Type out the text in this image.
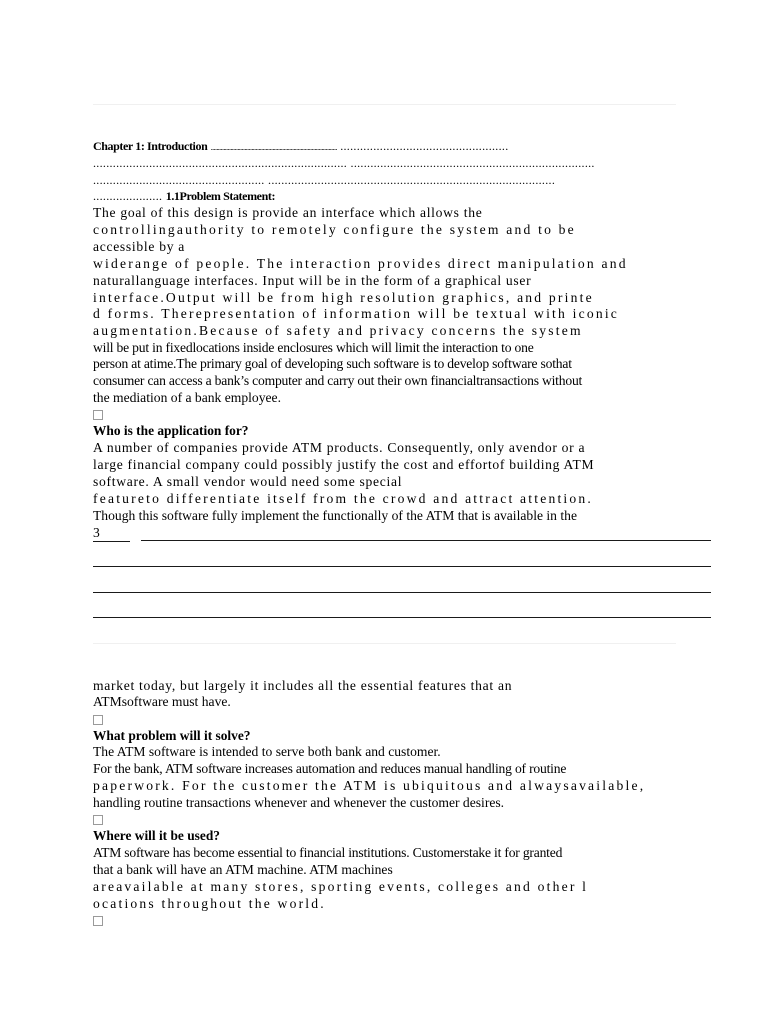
Chapter 1: Introduction .......................................................................................... ...................................................
............................................................................. ..........................................................................
.................................................... .......................................................................................
..................... 1.1Problem Statement:
The goal of this design is provide an interface which allows the
controllingauthority to remotely configure the system and to be
accessible by a
widerange of people. The interaction provides direct manipulation and
naturallanguage interfaces. Input will be in the form of a graphical user
interface.Output will be from high resolution graphics, and printe
d forms. Therepresentation of information will be textual with iconic
augmentation.Because of safety and privacy concerns the system
will be put in fixedlocations inside enclosures which will limit the interaction to one
person at atime.The primary goal of developing such software is to develop software sothat
consumer can access a bank’s computer and carry out their own financialtransactions without
the mediation of a bank employee.
Who is the application for?
A number of companies provide ATM products. Consequently, only avendor or a
large financial company could possibly justify the cost and effortof building ATM
software. A small vendor would need some special
featureto differentiate itself from the crowd and attract attention.
Though this software fully implement the functionally of the ATM that is available in the
3
market today, but largely it includes all the essential features that an
ATMsoftware must have.
What problem will it solve?
The ATM software is intended to serve both bank and customer.
For the bank, ATM software increases automation and reduces manual handling of routine
paperwork. For the customer the ATM is ubiquitous and alwaysavailable,
handling routine transactions whenever and whenever the customer desires.
Where will it be used?
ATM software has become essential to financial institutions. Customerstake it for granted
that a bank will have an ATM machine. ATM machines
areavailable at many stores, sporting events, colleges and other l
ocations throughout the world.
